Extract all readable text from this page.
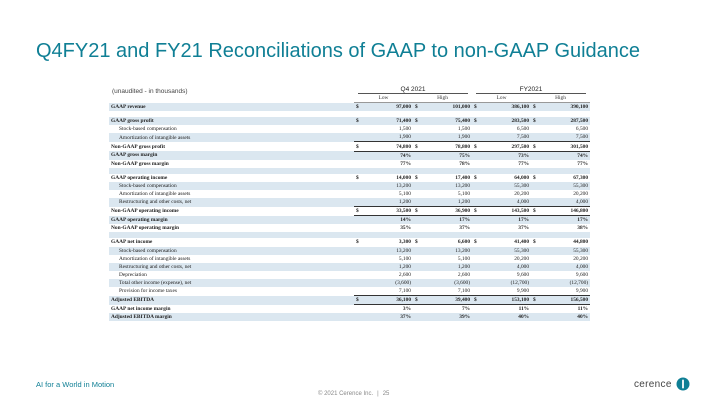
Q4FY21 and FY21 Reconciliations of GAAP to non-GAAP Guidance
(unaudited - in thousands)	Q4 2021	FY2021
	Low		High		Low		High	
GAAP revenue	$	97,000	$	101,000	$	386,100	$	390,100

GAAP gross profit	$	71,400	$	75,400	$	283,500	$	287,500
Stock-based compensation		1,500		1,500		6,500		6,500
Amortization of intangible assets		1,900		1,900		7,500		7,500
Non-GAAP gross profit	$	74,800	$	78,800	$	297,500	$	301,500
GAAP gross margin		74%		75%		73%		74%
Non-GAAP gross margin		77%		78%		77%		77%

GAAP operating income	$	14,000	$	17,400	$	64,000	$	67,300
Stock-based compensation		13,200		13,200		55,300		55,300
Amortization of intangible assets		5,100		5,100		20,200		20,200
Restructuring and other costs, net		1,200		1,200		4,000		4,000
Non-GAAP operating income	$	33,500	$	36,900	$	143,500	$	146,800
GAAP operating margin		14%		17%		17%		17%
Non-GAAP operating margin		35%		37%		37%		38%

GAAP net income	$	3,300	$	6,600	$	41,400	$	44,800
Stock-based compensation		13,200		13,200		55,300		55,300
Amortization of intangible assets		5,100		5,100		20,200		20,200
Restructuring and other costs, net		1,200		1,200		4,000		4,000
Depreciation		2,600		2,600		9,600		9,600
Total other income (expense), net		(3,600)		(3,600)		(12,700)		(12,700)
Provision for income taxes		7,100		7,100		9,900		9,900
Adjusted EBITDA	$	36,100	$	39,400	$	153,100	$	156,500
GAAP net income margin		3%		7%		11%		11%
Adjusted EBITDA margin		37%		39%		40%		40%
AI for a World in Motion
© 2021 Cerence Inc. | 25
cerence
